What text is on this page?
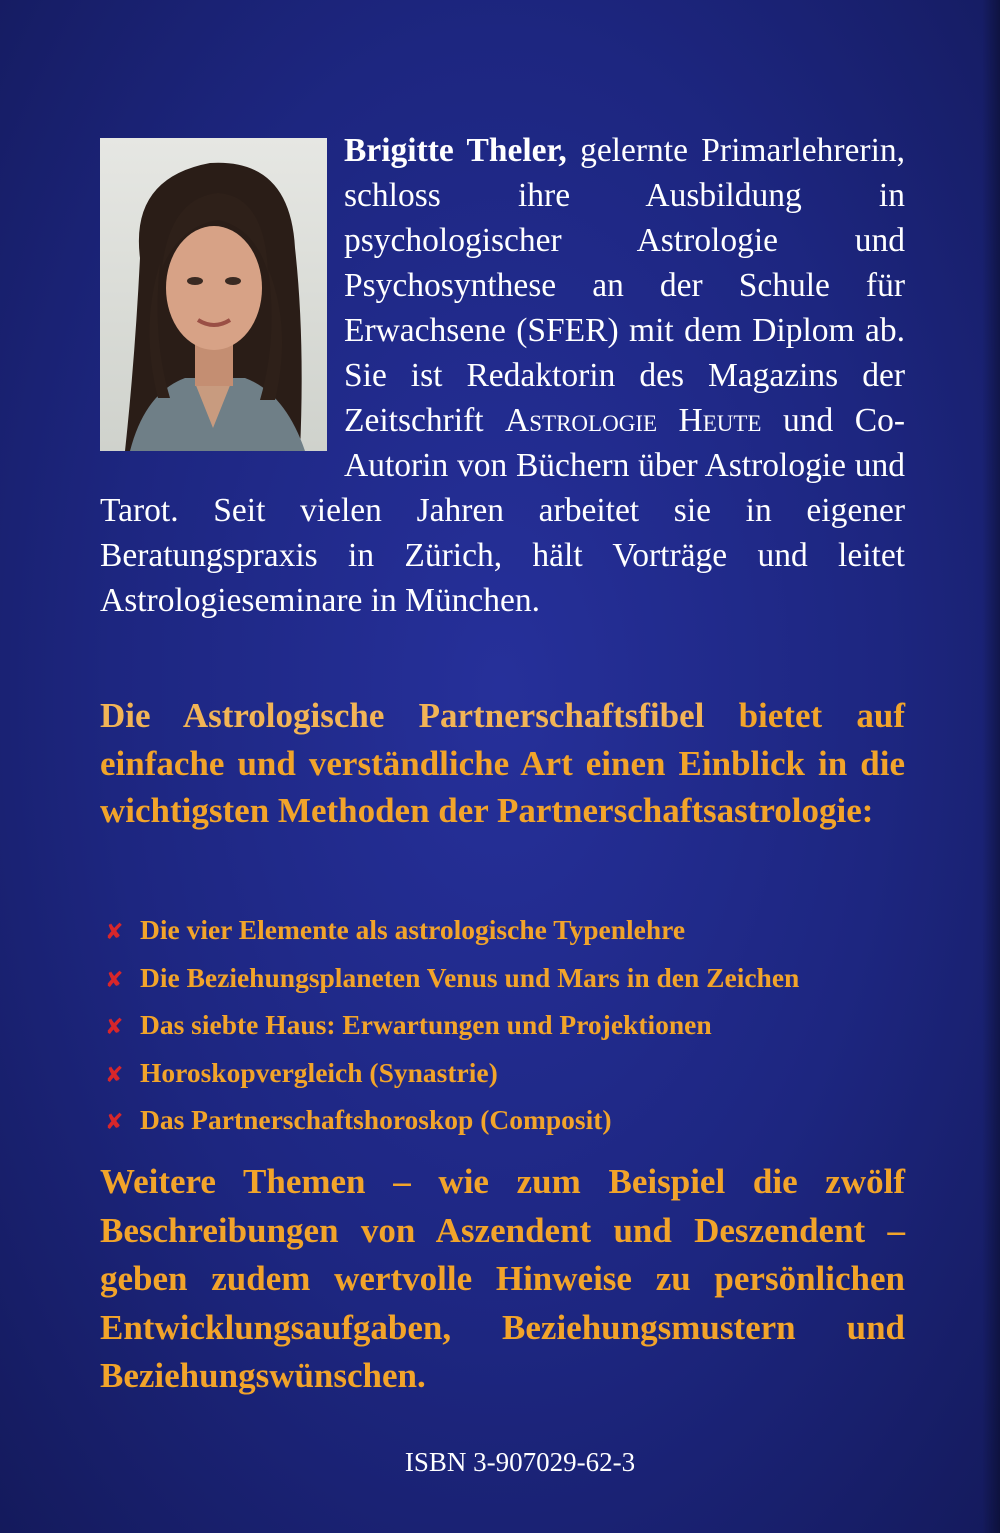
Brigitte Theler, gelernte Primarlehrerin, schloss ihre Ausbildung in psychologischer Astrologie und Psychosynthese an der Schule für Erwachsene (SFER) mit dem Diplom ab. Sie ist Redaktorin des Magazins der Zeitschrift Astrologie Heute und Co-Autorin von Büchern über Astrologie und Tarot. Seit vielen Jahren arbeitet sie in eigener Beratungspraxis in Zürich, hält Vorträge und leitet Astrologieseminare in München.

Die Astrologische Partnerschaftsfibel bietet auf einfache und verständliche Art einen Einblick in die wichtigsten Methoden der Partnerschaftsastrologie:

✘ Die vier Elemente als astrologische Typenlehre
✘ Die Beziehungsplaneten Venus und Mars in den Zeichen
✘ Das siebte Haus: Erwartungen und Projektionen
✘ Horoskopvergleich (Synastrie)
✘ Das Partnerschaftshoroskop (Composit)

Weitere Themen – wie zum Beispiel die zwölf Beschreibungen von Aszendent und Deszendent – geben zudem wertvolle Hinweise zu persönlichen Entwicklungsaufgaben, Beziehungsmustern und Beziehungswünschen.

ISBN 3-907029-62-3
